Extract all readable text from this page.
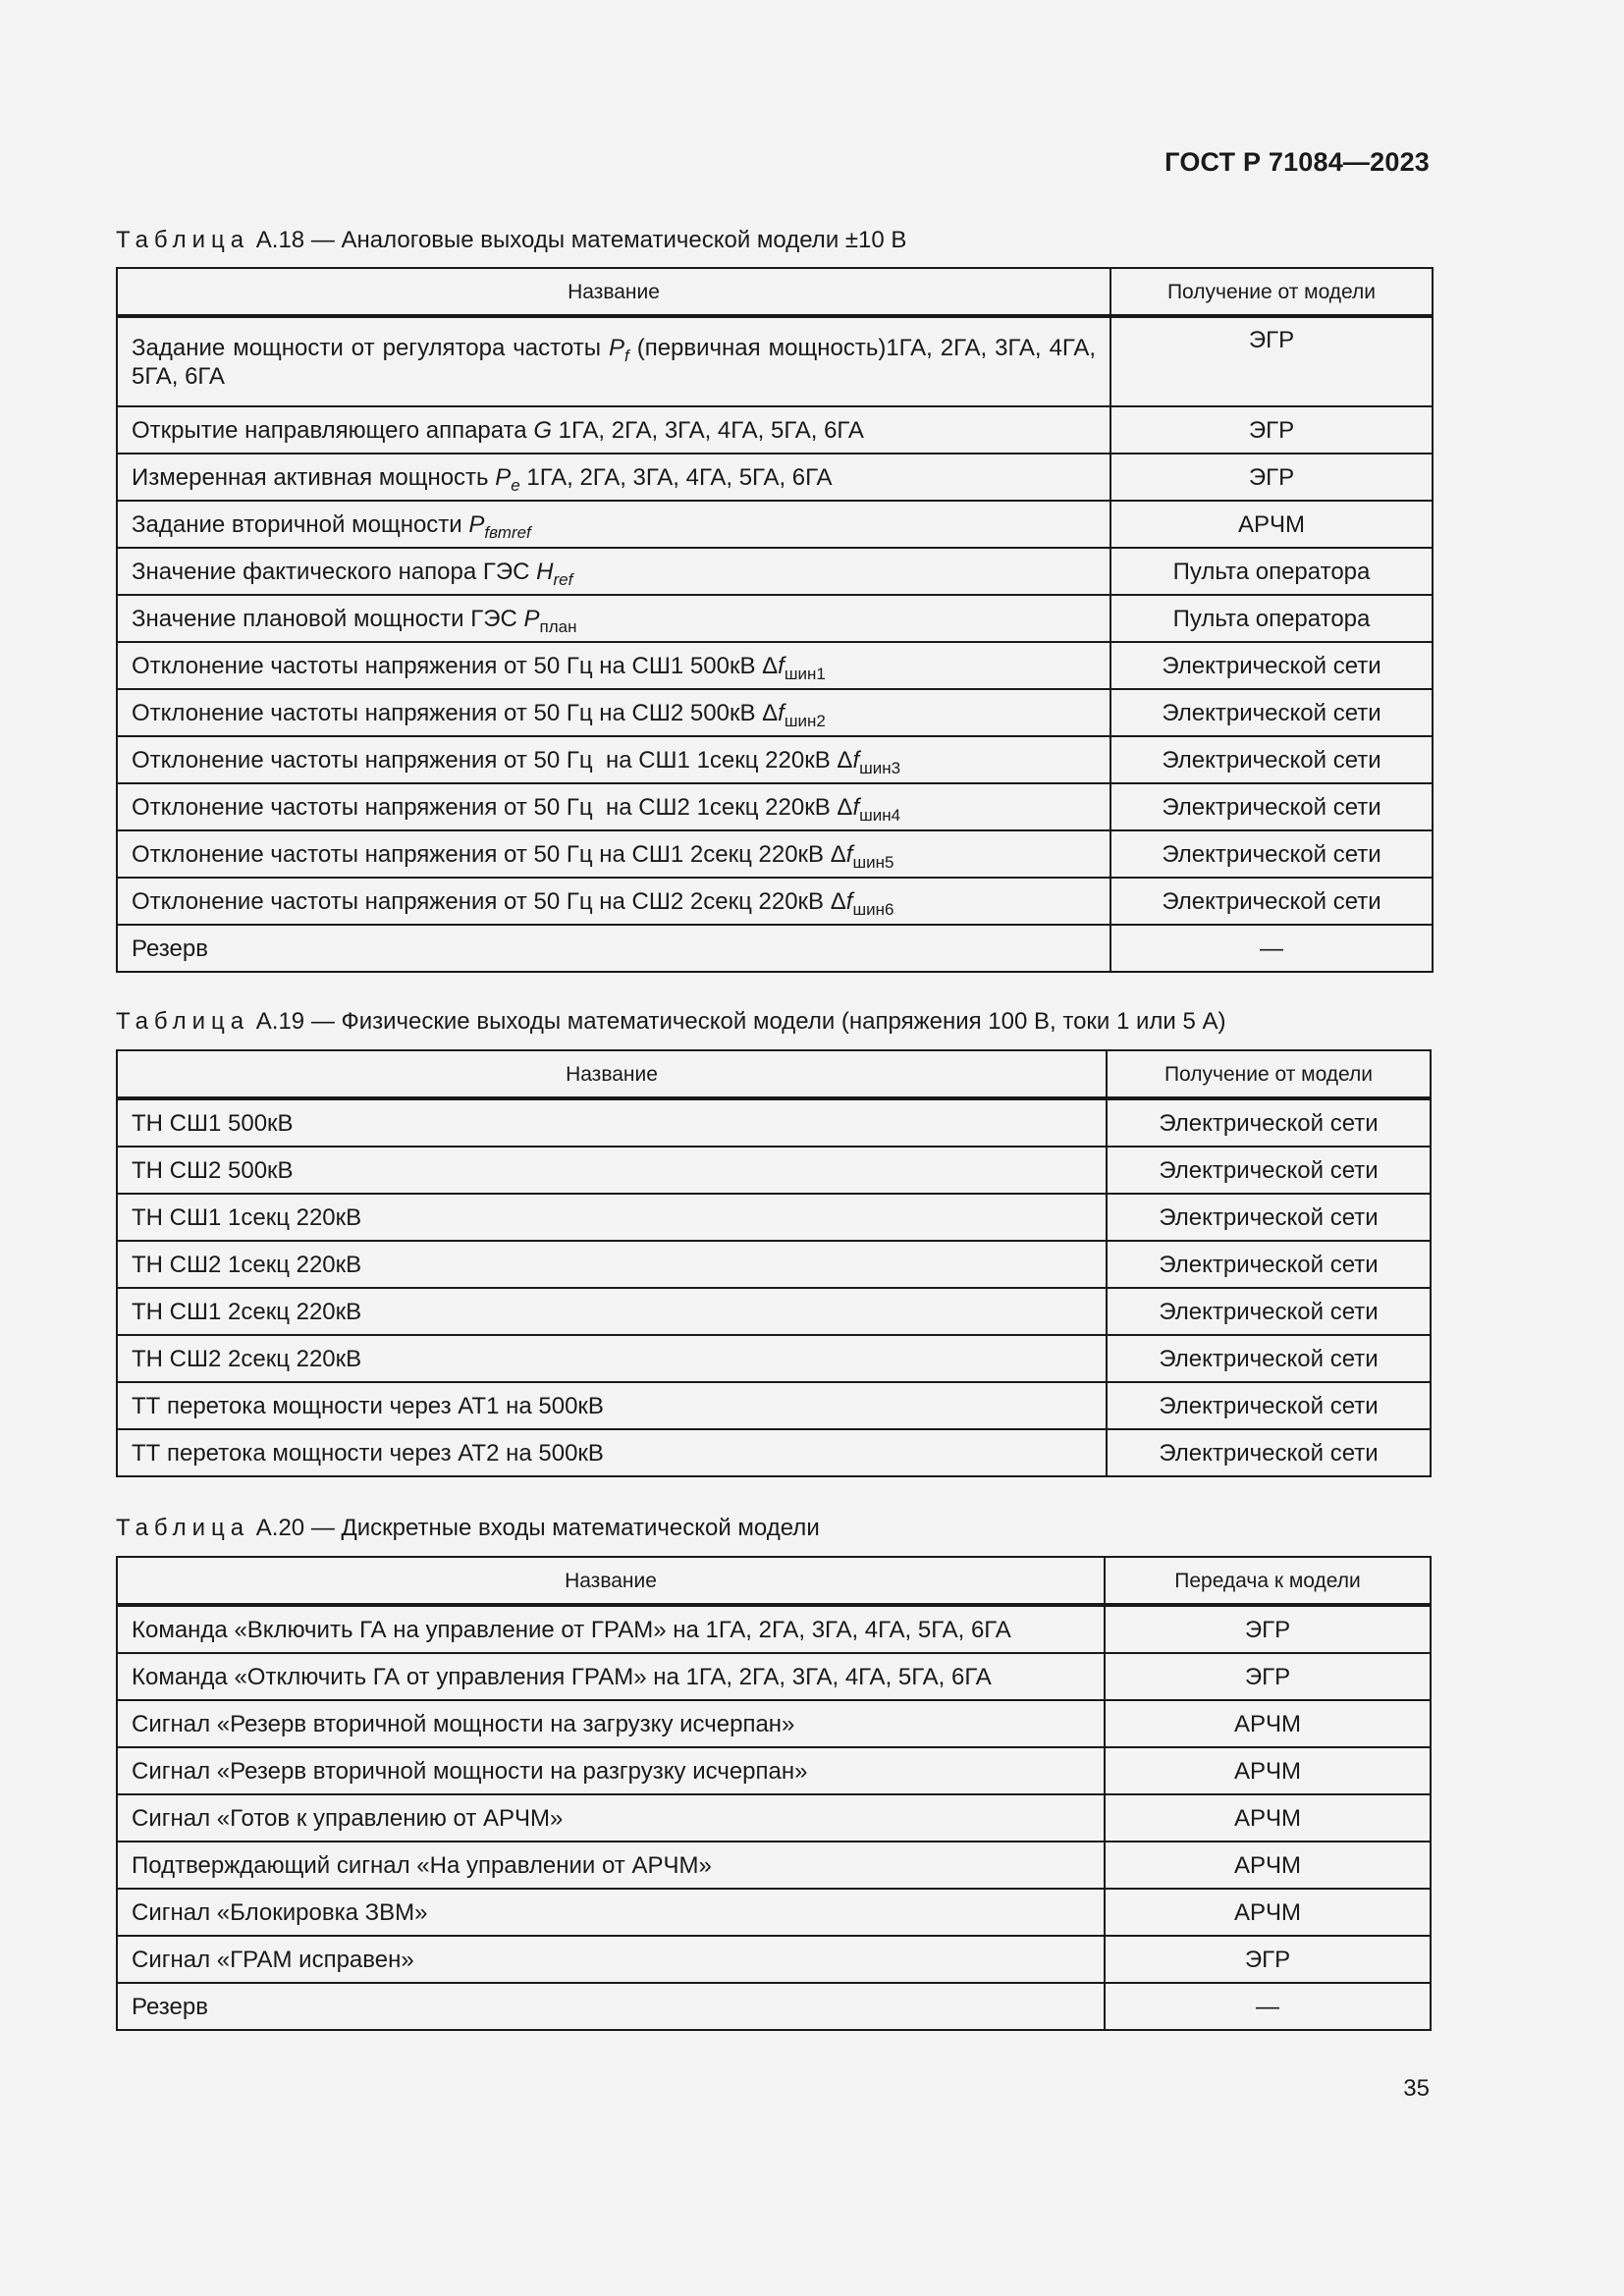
ГОСТ Р 71084—2023
Таблица А.18 — Аналоговые выходы математической модели ±10 В
Название	Получение от модели
Задание мощности от регулятора частоты $P_f$ (первичная мощность)1ГА, 2ГА, 3ГА, 4ГА, 5ГА, 6ГА	ЭГР
Открытие направляющего аппарата G 1ГА, 2ГА, 3ГА, 4ГА, 5ГА, 6ГА	ЭГР
Измеренная активная мощность $P_e$ 1ГА, 2ГА, 3ГА, 4ГА, 5ГА, 6ГА	ЭГР
Задание вторичной мощности $P_{fвтref}$	АРЧМ
Значение фактического напора ГЭС $H_{ref}$	Пульта оператора
Значение плановой мощности ГЭС $P_{план}$	Пульта оператора
Отклонение частоты напряжения от 50 Гц на СШ1 500кВ $\Delta f_{шин1}$	Электрической сети
Отклонение частоты напряжения от 50 Гц на СШ2 500кВ $\Delta f_{шин2}$	Электрической сети
Отклонение частоты напряжения от 50 Гц  на СШ1 1секц 220кВ $\Delta f_{шин3}$	Электрической сети
Отклонение частоты напряжения от 50 Гц  на СШ2 1секц 220кВ $\Delta f_{шин4}$	Электрической сети
Отклонение частоты напряжения от 50 Гц на СШ1 2секц 220кВ $\Delta f_{шин5}$	Электрической сети
Отклонение частоты напряжения от 50 Гц на СШ2 2секц 220кВ $\Delta f_{шин6}$	Электрической сети
Резерв	—
Таблица А.19 — Физические выходы математической модели (напряжения 100 В, токи 1 или 5 А)
Название	Получение от модели
ТН СШ1 500кВ	Электрической сети
ТН СШ2 500кВ	Электрической сети
ТН СШ1 1секц 220кВ	Электрической сети
ТН СШ2 1секц 220кВ	Электрической сети
ТН СШ1 2секц 220кВ	Электрической сети
ТН СШ2 2секц 220кВ	Электрической сети
ТТ перетока мощности через АТ1 на 500кВ	Электрической сети
ТТ перетока мощности через АТ2 на 500кВ	Электрической сети
Таблица А.20 — Дискретные входы математической модели
Название	Передача к модели
Команда «Включить ГА на управление от ГРАМ» на 1ГА, 2ГА, 3ГА, 4ГА, 5ГА, 6ГА	ЭГР
Команда «Отключить ГА от управления ГРАМ» на 1ГА, 2ГА, 3ГА, 4ГА, 5ГА, 6ГА	ЭГР
Сигнал «Резерв вторичной мощности на загрузку исчерпан»	АРЧМ
Сигнал «Резерв вторичной мощности на разгрузку исчерпан»	АРЧМ
Сигнал «Готов к управлению от АРЧМ»	АРЧМ
Подтверждающий сигнал «На управлении от АРЧМ»	АРЧМ
Сигнал «Блокировка ЗВМ»	АРЧМ
Сигнал «ГРАМ исправен»	ЭГР
Резерв	—
35
